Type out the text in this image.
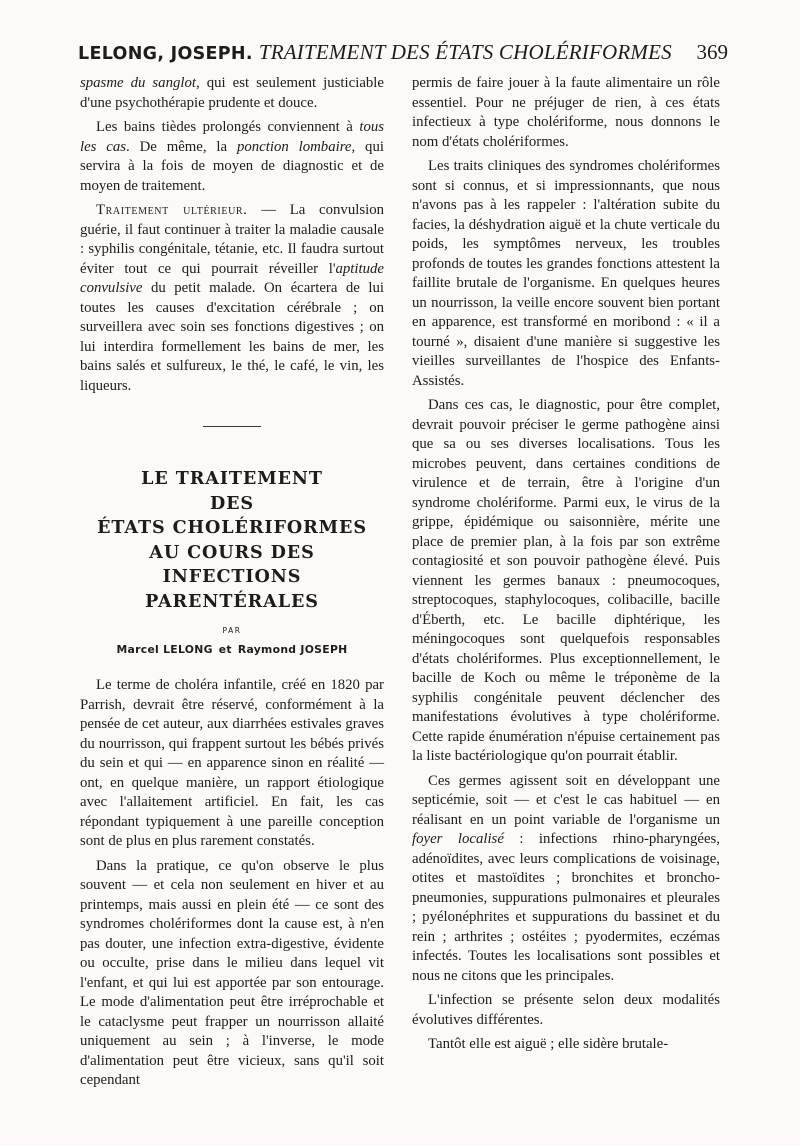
LELONG, JOSEPH. TRAITEMENT DES ÉTATS CHOLÉRIFORMES 369

spasme du sanglot, qui est seulement justiciable d'une psychothérapie prudente et douce.

Les bains tièdes prolongés conviennent à tous les cas. De même, la ponction lombaire, qui servira à la fois de moyen de diagnostic et de moyen de traitement.

Traitement ultérieur. — La convulsion guérie, il faut continuer à traiter la maladie causale : syphilis congénitale, tétanie, etc. Il faudra surtout éviter tout ce qui pourrait réveiller l'aptitude convulsive du petit malade. On écartera de lui toutes les causes d'excitation cérébrale ; on surveillera avec soin ses fonctions digestives ; on lui interdira formellement les bains de mer, les bains salés et sulfureux, le thé, le café, le vin, les liqueurs.

LE TRAITEMENT
DES
ÉTATS CHOLÉRIFORMES
AU COURS DES INFECTIONS
PARENTÉRALES
PAR
Marcel LELONG et Raymond JOSEPH

Le terme de choléra infantile, créé en 1820 par Parrish, devrait être réservé, conformément à la pensée de cet auteur, aux diarrhées estivales graves du nourrisson, qui frappent surtout les bébés privés du sein et qui — en apparence sinon en réalité — ont, en quelque manière, un rapport étiologique avec l'allaitement artificiel. En fait, les cas répondant typiquement à une pareille conception sont de plus en plus rarement constatés.

Dans la pratique, ce qu'on observe le plus souvent — et cela non seulement en hiver et au printemps, mais aussi en plein été — ce sont des syndromes cholériformes dont la cause est, à n'en pas douter, une infection extra-digestive, évidente ou occulte, prise dans le milieu dans lequel vit l'enfant, et qui lui est apportée par son entourage. Le mode d'alimentation peut être irréprochable et le cataclysme peut frapper un nourrisson allaité uniquement au sein ; à l'inverse, le mode d'alimentation peut être vicieux, sans qu'il soit cependant

permis de faire jouer à la faute alimentaire un rôle essentiel. Pour ne préjuger de rien, à ces états infectieux à type cholériforme, nous donnons le nom d'états cholériformes.

Les traits cliniques des syndromes cholériformes sont si connus, et si impressionnants, que nous n'avons pas à les rappeler : l'altération subite du facies, la déshydration aiguë et la chute verticale du poids, les symptômes nerveux, les troubles profonds de toutes les grandes fonctions attestent la faillite brutale de l'organisme. En quelques heures un nourrisson, la veille encore souvent bien portant en apparence, est transformé en moribond : « il a tourné », disaient d'une manière si suggestive les vieilles surveillantes de l'hospice des Enfants-Assistés.

Dans ces cas, le diagnostic, pour être complet, devrait pouvoir préciser le germe pathogène ainsi que sa ou ses diverses localisations. Tous les microbes peuvent, dans certaines conditions de virulence et de terrain, être à l'origine d'un syndrome cholériforme. Parmi eux, le virus de la grippe, épidémique ou saisonnière, mérite une place de premier plan, à la fois par son extrême contagiosité et son pouvoir pathogène élevé. Puis viennent les germes banaux : pneumocoques, streptocoques, staphylocoques, colibacille, bacille d'Éberth, etc. Le bacille diphtérique, les méningocoques sont quelquefois responsables d'états cholériformes. Plus exceptionnellement, le bacille de Koch ou même le tréponème de la syphilis congénitale peuvent déclencher des manifestations évolutives à type cholériforme. Cette rapide énumération n'épuise certainement pas la liste bactériologique qu'on pourrait établir.

Ces germes agissent soit en développant une septicémie, soit — et c'est le cas habituel — en réalisant en un point variable de l'organisme un foyer localisé : infections rhino-pharyngées, adénoïdites, avec leurs complications de voisinage, otites et mastoïdites ; bronchites et broncho-pneumonies, suppurations pulmonaires et pleurales ; pyélonéphrites et suppurations du bassinet et du rein ; arthrites ; ostéites ; pyodermites, eczémas infectés. Toutes les localisations sont possibles et nous ne citons que les principales.

L'infection se présente selon deux modalités évolutives différentes.

Tantôt elle est aiguë ; elle sidère brutale-
